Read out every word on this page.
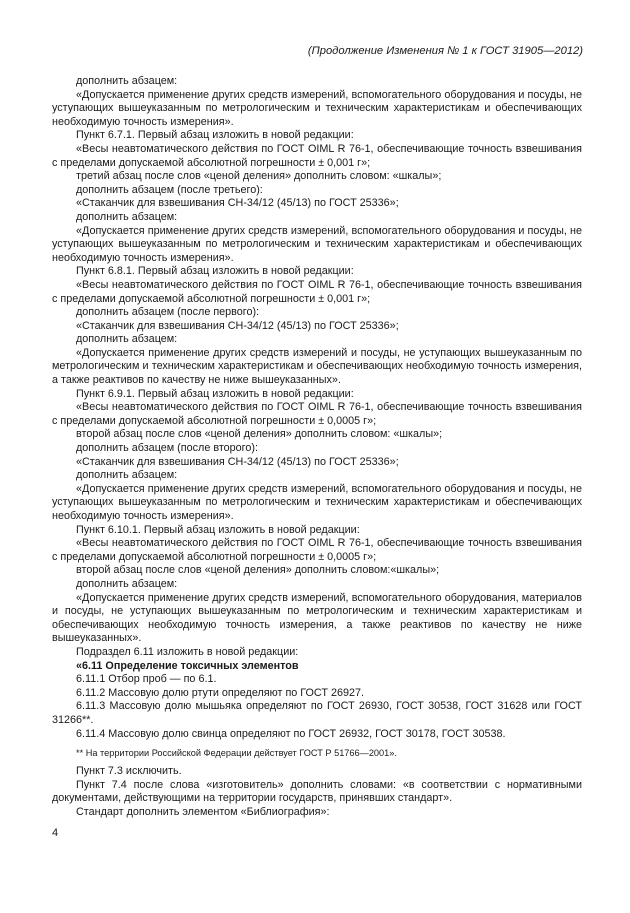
(Продолжение Изменения № 1 к ГОСТ 31905—2012)

дополнить абзацем:

«Допускается применение других средств измерений, вспомогательного оборудования и посуды, не уступающих вышеуказанным по метрологическим и техническим характеристикам и обеспечивающих необходимую точность измерения».

Пункт 6.7.1. Первый абзац изложить в новой редакции:

«Весы неавтоматического действия по ГОСТ OIML R 76-1, обеспечивающие точность взвешивания с пределами допускаемой абсолютной погрешности ± 0,001 г»;

третий абзац после слов «ценой деления» дополнить словом: «шкалы»;

дополнить абзацем (после третьего):

«Стаканчик для взвешивания СН-34/12 (45/13) по ГОСТ 25336»;

дополнить абзацем:

«Допускается применение других средств измерений, вспомогательного оборудования и посуды, не уступающих вышеуказанным по метрологическим и техническим характеристикам и обеспечивающих необходимую точность измерения».

Пункт 6.8.1. Первый абзац изложить в новой редакции:

«Весы неавтоматического действия по ГОСТ OIML R 76-1, обеспечивающие точность взвешивания с пределами допускаемой абсолютной погрешности ± 0,001 г»;

дополнить абзацем (после первого):

«Стаканчик для взвешивания СН-34/12 (45/13) по ГОСТ 25336»;

дополнить абзацем:

«Допускается применение других средств измерений и посуды, не уступающих вышеуказанным по метрологическим и техническим характеристикам и обеспечивающих необходимую точность измерения, а также реактивов по качеству не ниже вышеуказанных».

Пункт 6.9.1. Первый абзац изложить в новой редакции:

«Весы неавтоматического действия по ГОСТ OIML R 76-1, обеспечивающие точность взвешивания с пределами допускаемой абсолютной погрешности ± 0,0005 г»;

второй абзац после слов «ценой деления» дополнить словом: «шкалы»;

дополнить абзацем (после второго):

«Стаканчик для взвешивания СН-34/12 (45/13) по ГОСТ 25336»;

дополнить абзацем:

«Допускается применение других средств измерений, вспомогательного оборудования и посуды, не уступающих вышеуказанным по метрологическим и техническим характеристикам и обеспечивающих необходимую точность измерения».

Пункт 6.10.1. Первый абзац изложить в новой редакции:

«Весы неавтоматического действия по ГОСТ OIML R 76-1, обеспечивающие точность взвешивания с пределами допускаемой абсолютной погрешности ± 0,0005 г»;

второй абзац после слов «ценой деления» дополнить словом:«шкалы»;

дополнить абзацем:

«Допускается применение других средств измерений, вспомогательного оборудования, материалов и посуды, не уступающих вышеуказанным по метрологическим и техническим характеристикам и обеспечивающих необходимую точность измерения, а также реактивов по качеству не ниже вышеуказанных».

Подраздел 6.11 изложить в новой редакции:

«6.11 Определение токсичных элементов

6.11.1 Отбор проб — по 6.1.

6.11.2 Массовую долю ртути определяют по ГОСТ 26927.

6.11.3 Массовую долю мышьяка определяют по ГОСТ 26930, ГОСТ 30538, ГОСТ 31628 или ГОСТ 31266**.

6.11.4 Массовую долю свинца определяют по ГОСТ 26932, ГОСТ 30178, ГОСТ 30538.

** На территории Российской Федерации действует ГОСТ Р 51766—2001».

Пункт 7.3 исключить.

Пункт 7.4 после слова «изготовитель» дополнить словами: «в соответствии с нормативными документами, действующими на территории государств, принявших стандарт».

Стандарт дополнить элементом «Библиография»:

4
